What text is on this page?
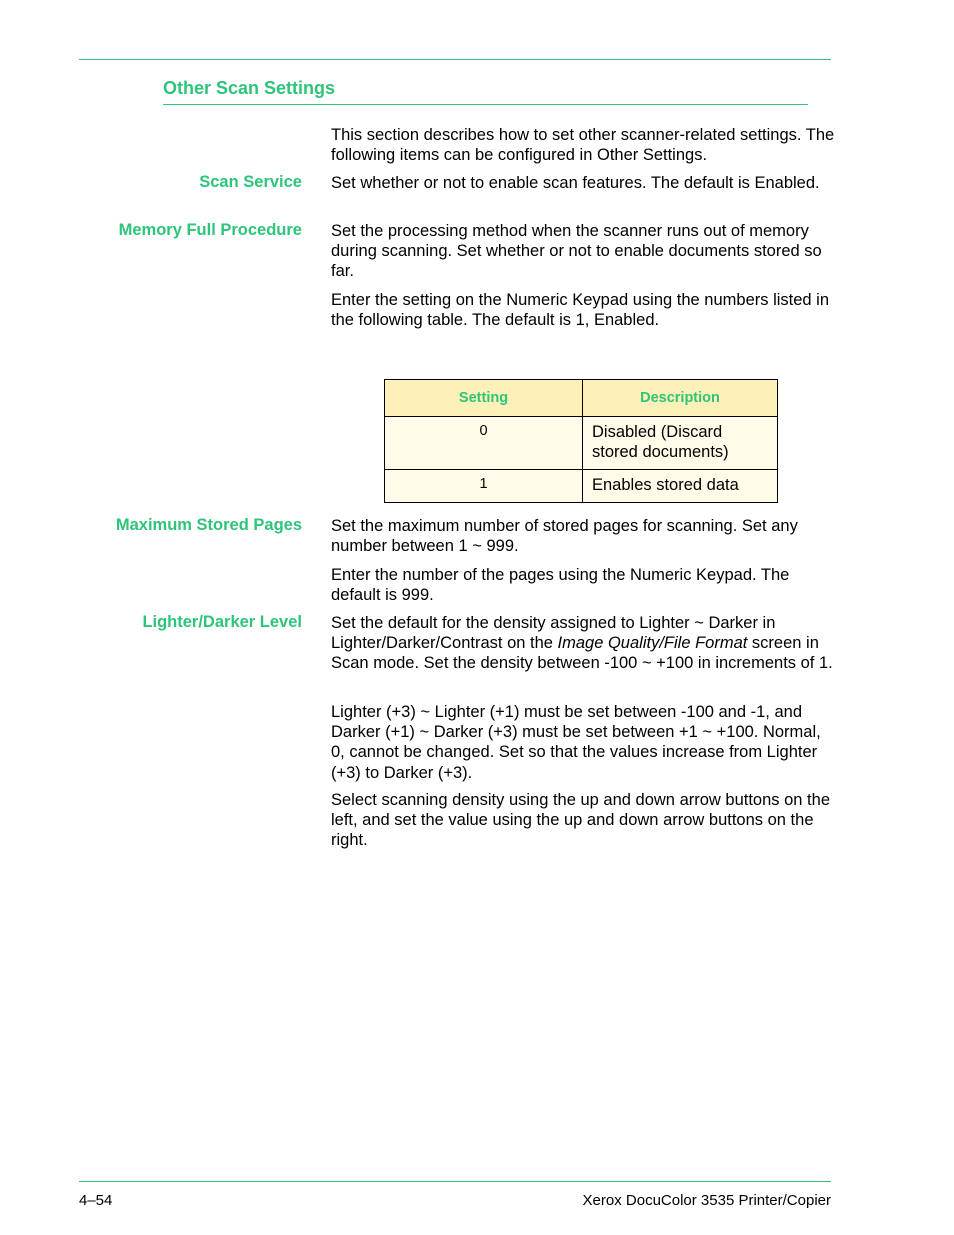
Other Scan Settings
This section describes how to set other scanner-related settings. The following items can be configured in Other Settings.
Scan Service Set whether or not to enable scan features. The default is Enabled.
Memory Full Procedure Set the processing method when the scanner runs out of memory during scanning. Set whether or not to enable documents stored so far.
Enter the setting on the Numeric Keypad using the numbers listed in the following table. The default is 1, Enabled.
Setting	Description
0	Disabled (Discard stored documents)
1	Enables stored data
Maximum Stored Pages Set the maximum number of stored pages for scanning. Set any number between 1 ~ 999.
Enter the number of the pages using the Numeric Keypad. The default is 999.
Lighter/Darker Level Set the default for the density assigned to Lighter ~ Darker in Lighter/Darker/Contrast on the Image Quality/File Format screen in Scan mode. Set the density between -100 ~ +100 in increments of 1.
Lighter (+3) ~ Lighter (+1) must be set between -100 and -1, and Darker (+1) ~ Darker (+3) must be set between +1 ~ +100. Normal, 0, cannot be changed. Set so that the values increase from Lighter (+3) to Darker (+3).
Select scanning density using the up and down arrow buttons on the left, and set the value using the up and down arrow buttons on the right.
4–54	Xerox DocuColor 3535 Printer/Copier
